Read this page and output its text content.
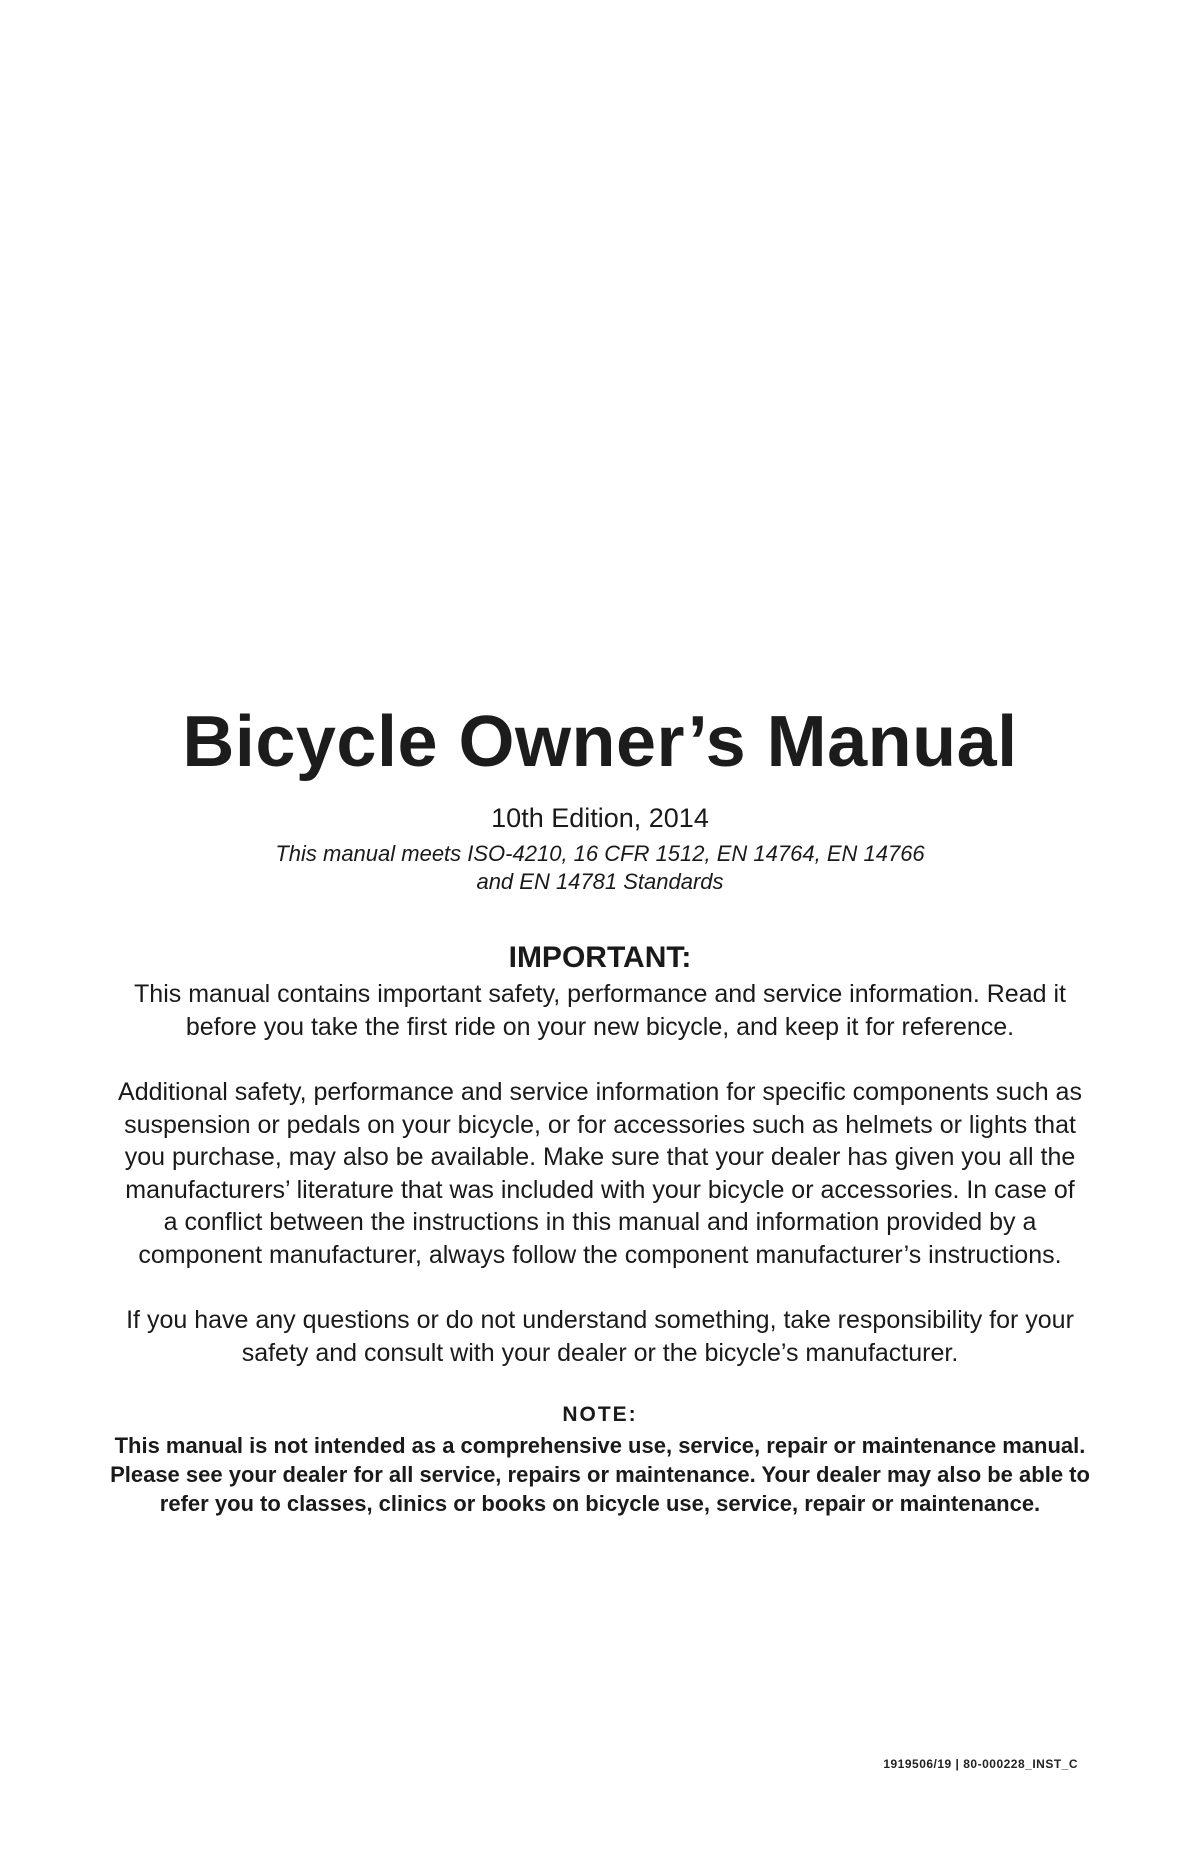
Bicycle Owner’s Manual
10th Edition, 2014
This manual meets ISO-4210, 16 CFR 1512, EN 14764, EN 14766
and EN 14781 Standards
IMPORTANT:

This manual contains important safety, performance and service information. Read it before you take the first ride on your new bicycle, and keep it for reference.

Additional safety, performance and service information for specific components such as suspension or pedals on your bicycle, or for accessories such as helmets or lights that you purchase, may also be available. Make sure that your dealer has given you all the manufacturers’ literature that was included with your bicycle or accessories. In case of a conflict between the instructions in this manual and information provided by a component manufacturer, always follow the component manufacturer’s instructions.

If you have any questions or do not understand something, take responsibility for your safety and consult with your dealer or the bicycle’s manufacturer.

NOTE:

This manual is not intended as a comprehensive use, service, repair or maintenance manual. Please see your dealer for all service, repairs or maintenance. Your dealer may also be able to refer you to classes, clinics or books on bicycle use, service, repair or maintenance.

1919506/19 | 80-000228_INST_C
